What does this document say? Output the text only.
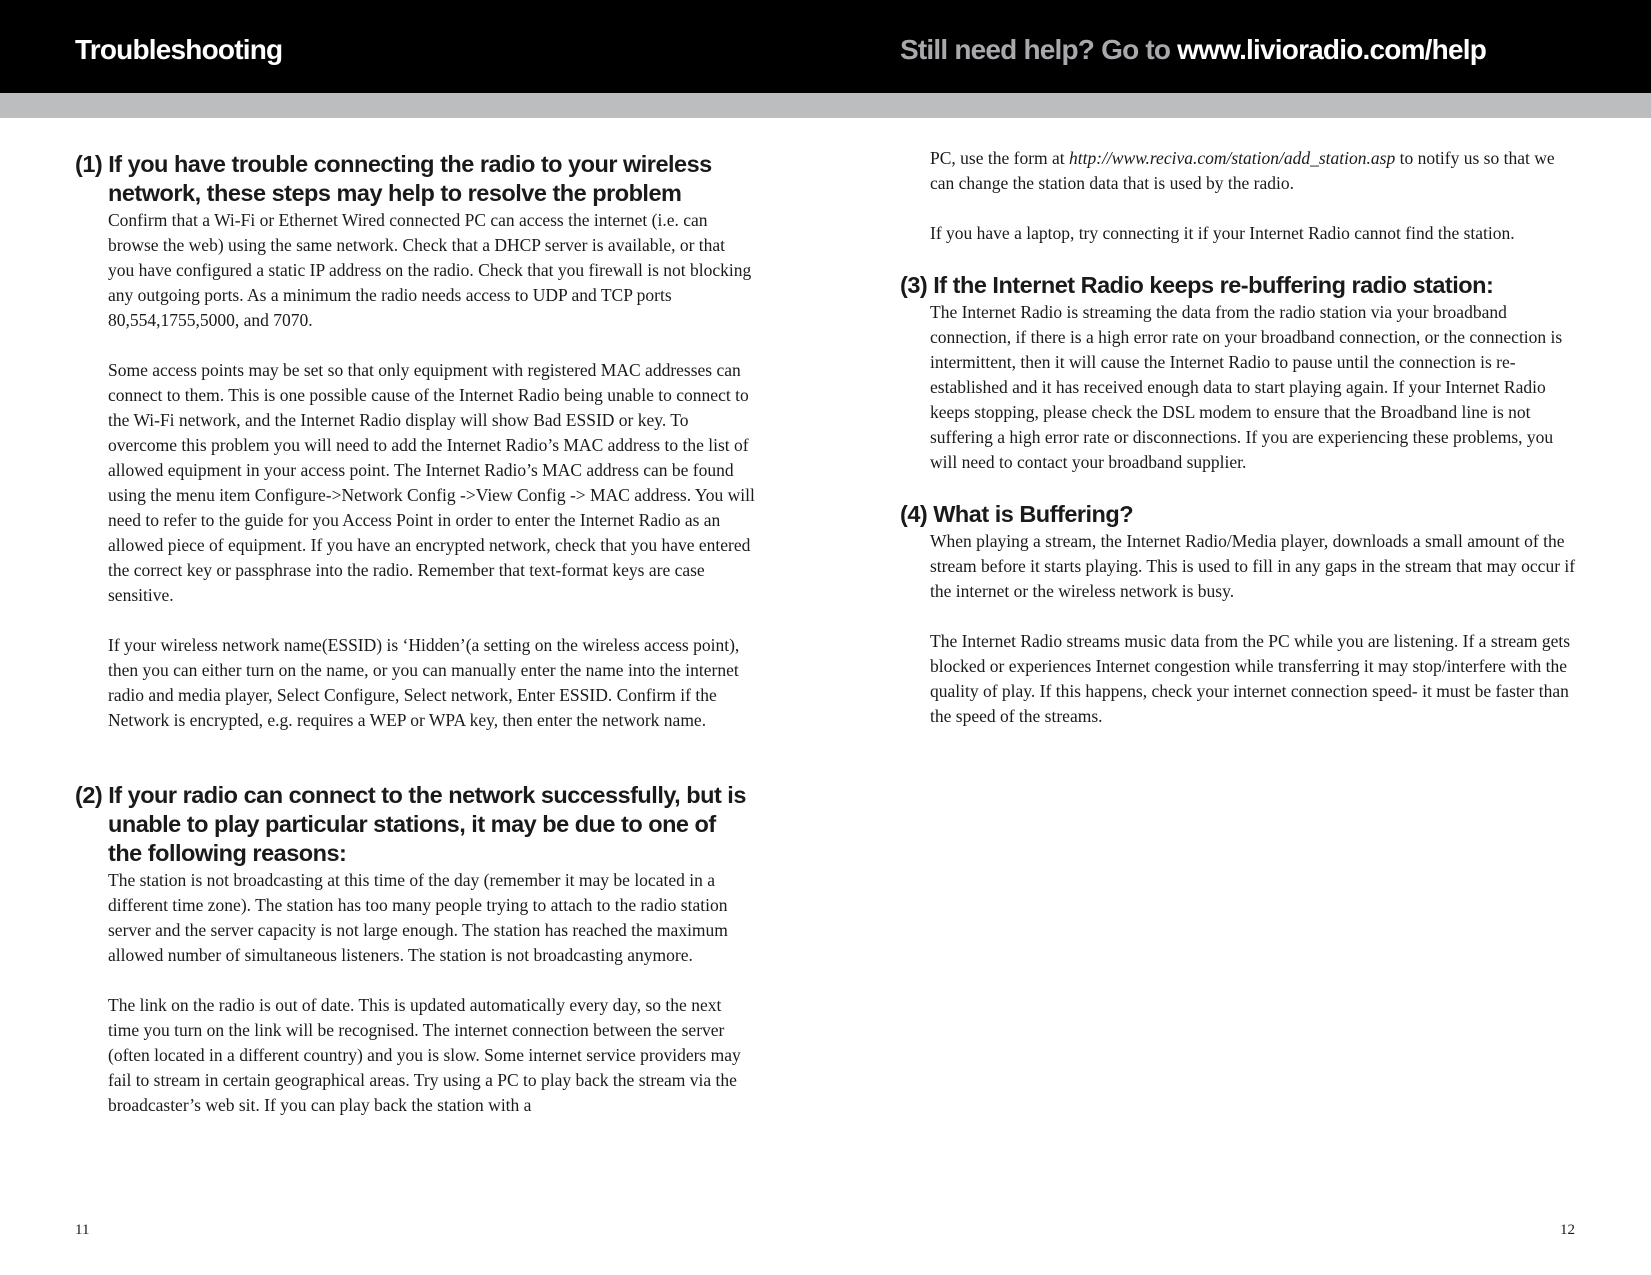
Troubleshooting	Still need help? Go to www.livioradio.com/help
(1) If you have trouble connecting the radio to your wireless network, these steps may help to resolve the problem

Confirm that a Wi-Fi or Ethernet Wired connected PC can access the internet (i.e. can browse the web) using the same network. Check that a DHCP server is available, or that you have configured a static IP address on the radio. Check that you firewall is not blocking any outgoing ports. As a minimum the radio needs access to UDP and TCP ports 80,554,1755,5000, and 7070.

Some access points may be set so that only equipment with registered MAC addresses can connect to them. This is one possible cause of the Internet Radio being unable to connect to the Wi-Fi network, and the Internet Radio display will show Bad ESSID or key. To overcome this problem you will need to add the Internet Radio’s MAC address to the list of allowed equipment in your access point. The Internet Radio’s MAC address can be found using the menu item Configure->Network Config ->View Config -> MAC address. You will need to refer to the guide for you Access Point in order to enter the Internet Radio as an allowed piece of equipment. If you have an encrypted network, check that you have entered the correct key or passphrase into the radio. Remember that text-format keys are case sensitive.

If your wireless network name(ESSID) is ‘Hidden’(a setting on the wireless access point), then you can either turn on the name, or you can manually enter the name into the internet radio and media player, Select Configure, Select network, Enter ESSID. Confirm if the Network is encrypted, e.g. requires a WEP or WPA key, then enter the network name.

(2) If your radio can connect to the network successfully, but is unable to play particular stations, it may be due to one of the following reasons:

The station is not broadcasting at this time of the day (remember it may be located in a different time zone). The station has too many people trying to attach to the radio station server and the server capacity is not large enough. The station has reached the maximum allowed number of simultaneous listeners. The station is not broadcasting anymore.

The link on the radio is out of date. This is updated automatically every day, so the next time you turn on the link will be recognised. The internet connection between the server (often located in a different country) and you is slow. Some internet service providers may fail to stream in certain geographical areas. Try using a PC to play back the stream via the broadcaster’s web sit. If you can play back the station with a

11

PC, use the form at http://www.reciva.com/station/add_station.asp to notify us so that we can change the station data that is used by the radio.

If you have a laptop, try connecting it if your Internet Radio cannot find the station.

(3) If the Internet Radio keeps re-buffering radio station:

The Internet Radio is streaming the data from the radio station via your broadband connection, if there is a high error rate on your broadband connection, or the connection is intermittent, then it will cause the Internet Radio to pause until the connection is re-established and it has received enough data to start playing again. If your Internet Radio keeps stopping, please check the DSL modem to ensure that the Broadband line is not suffering a high error rate or disconnections. If you are experiencing these problems, you will need to contact your broadband supplier.

(4) What is Buffering?

When playing a stream, the Internet Radio/Media player, downloads a small amount of the stream before it starts playing. This is used to fill in any gaps in the stream that may occur if the internet or the wireless network is busy.

The Internet Radio streams music data from the PC while you are listening. If a stream gets blocked or experiences Internet congestion while transferring it may stop/interfere with the quality of play. If this happens, check your internet connection speed- it must be faster than the speed of the streams.

12
